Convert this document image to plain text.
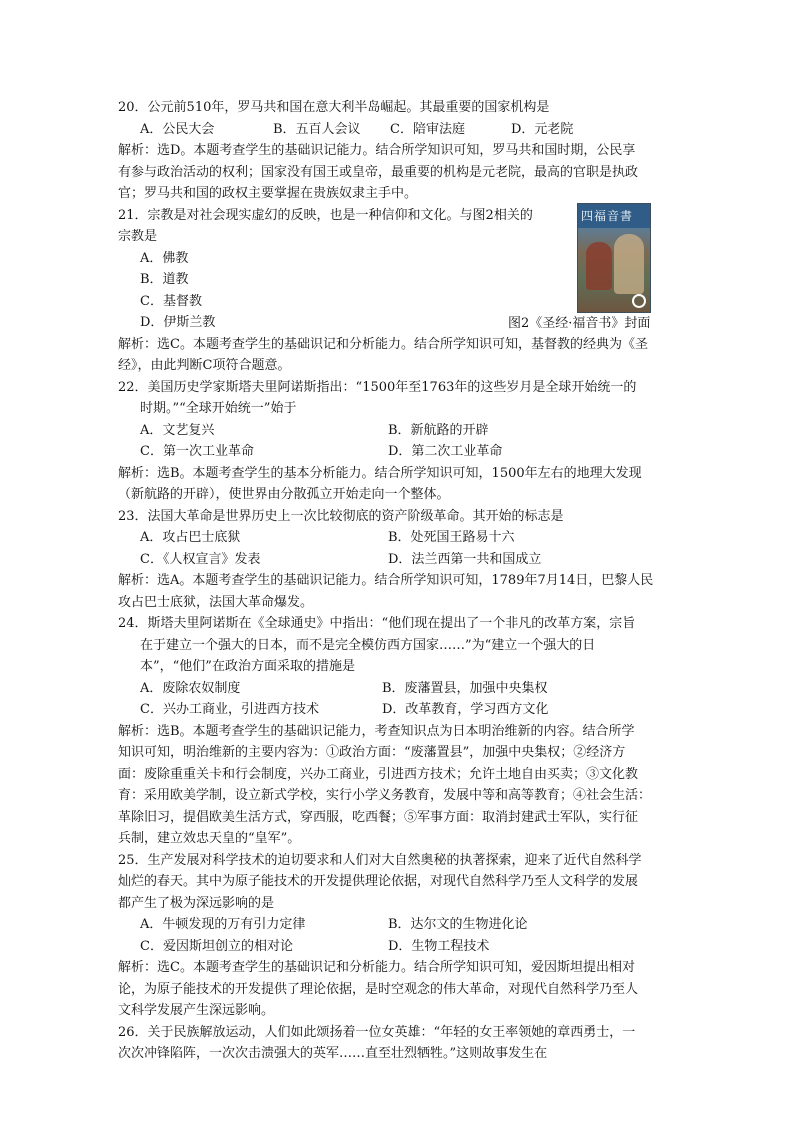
20．公元前510年，罗马共和国在意大利半岛崛起。其最重要的国家机构是
A．公民大会	B．五百人会议	C．陪审法庭	D．元老院
解析：选D。本题考查学生的基础识记能力。结合所学知识可知，罗马共和国时期，公民享
有参与政治活动的权利；国家没有国王或皇帝，最重要的机构是元老院，最高的官职是执政
官；罗马共和国的政权主要掌握在贵族奴隶主手中。
四福音書
图2《圣经·福音书》封面
21．宗教是对社会现实虚幻的反映，也是一种信仰和文化。与图2相关的
宗教是
A．佛教
B．道教
C．基督教
D．伊斯兰教
解析：选C。本题考查学生的基础识记和分析能力。结合所学知识可知，基督教的经典为《圣
经》，由此判断C项符合题意。
22．美国历史学家斯塔夫里阿诺斯指出：“1500年至1763年的这些岁月是全球开始统一的
时期。”“全球开始统一”始于
A．文艺复兴	B．新航路的开辟
C．第一次工业革命	D．第二次工业革命
解析：选B。本题考查学生的基本分析能力。结合所学知识可知，1500年左右的地理大发现
（新航路的开辟），使世界由分散孤立开始走向一个整体。
23．法国大革命是世界历史上一次比较彻底的资产阶级革命。其开始的标志是
A．攻占巴士底狱	B．处死国王路易十六
C．《人权宣言》发表	D．法兰西第一共和国成立
解析：选A。本题考查学生的基础识记能力。结合所学知识可知，1789年7月14日，巴黎人民
攻占巴士底狱，法国大革命爆发。
24．斯塔夫里阿诺斯在《全球通史》中指出：“他们现在提出了一个非凡的改革方案，宗旨
在于建立一个强大的日本，而不是完全模仿西方国家……”为“建立一个强大的日
本”，“他们”在政治方面采取的措施是
A．废除农奴制度	B．废藩置县，加强中央集权
C．兴办工商业，引进西方技术	D．改革教育，学习西方文化
解析：选B。本题考查学生的基础识记能力，考查知识点为日本明治维新的内容。结合所学
知识可知，明治维新的主要内容为：①政治方面：“废藩置县”，加强中央集权；②经济方
面：废除重重关卡和行会制度，兴办工商业，引进西方技术；允许土地自由买卖；③文化教
育：采用欧美学制，设立新式学校，实行小学义务教育，发展中等和高等教育；④社会生活：
革除旧习，提倡欧美生活方式，穿西服，吃西餐；⑤军事方面：取消封建武士军队，实行征
兵制，建立效忠天皇的“皇军”。
25．生产发展对科学技术的迫切要求和人们对大自然奥秘的执著探索，迎来了近代自然科学
灿烂的春天。其中为原子能技术的开发提供理论依据，对现代自然科学乃至人文科学的发展
都产生了极为深远影响的是
A．牛顿发现的万有引力定律	B．达尔文的生物进化论
C．爱因斯坦创立的相对论	D．生物工程技术
解析：选C。本题考查学生的基础识记和分析能力。结合所学知识可知，爱因斯坦提出相对
论，为原子能技术的开发提供了理论依据，是时空观念的伟大革命，对现代自然科学乃至人
文科学发展产生深远影响。
26．关于民族解放运动，人们如此颂扬着一位女英雄：“年轻的女王率领她的章西勇士，一
次次冲锋陷阵，一次次击溃强大的英军……直至壮烈牺牲。”这则故事发生在
